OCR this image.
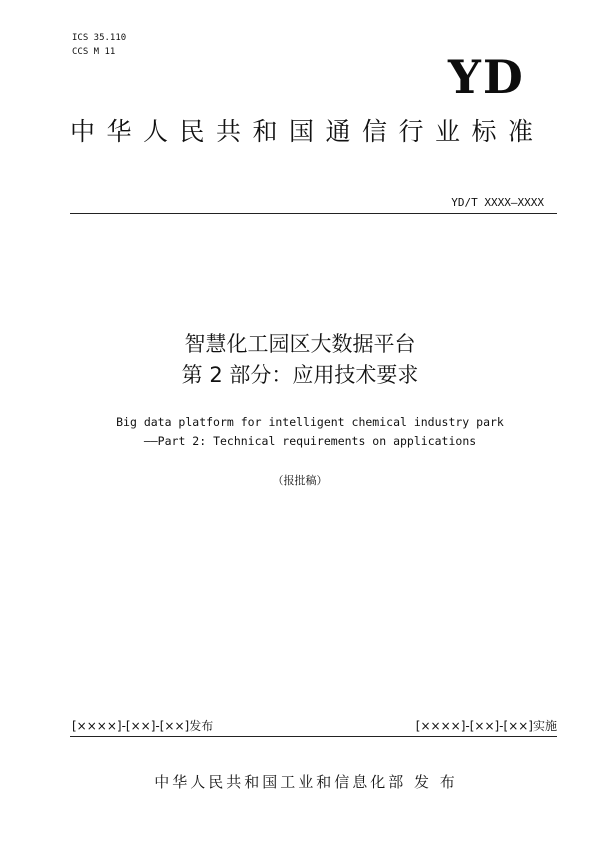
ICS 35.110
CCS M 11	YD
中华人民共和国通信行业标准
YD/T XXXX—XXXX
智慧化工园区大数据平台
第 2 部分：应用技术要求
Big data platform for intelligent chemical industry park
——Part 2: Technical requirements on applications
（报批稿）
[××××]-[××]-[××]发布	[××××]-[××]-[××]实施
中华人民共和国工业和信息化部 发 布
